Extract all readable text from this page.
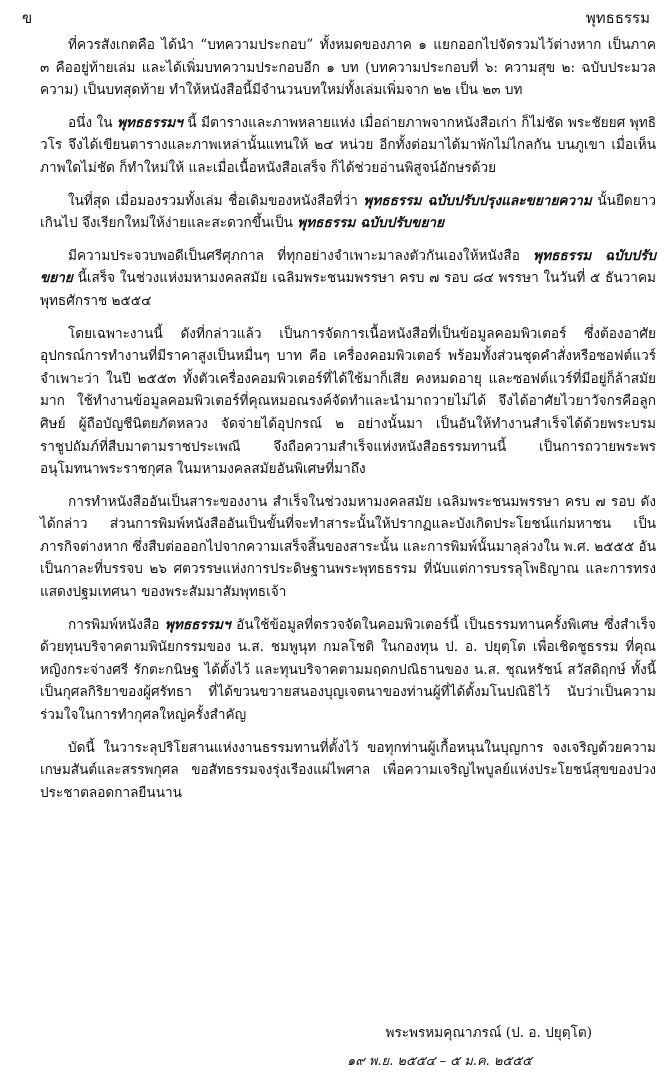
ข	พุทธธรรม

ที่ควรสังเกตคือ ได้นำ “บทความประกอบ” ทั้งหมดของภาค ๑ แยกออกไปจัดรวมไว้ต่างหาก เป็นภาค ๓ คืออยู่ท้ายเล่ม และได้เพิ่มบทความประกอบอีก ๑ บท (บทความประกอบที่ ๖: ความสุข ๒: ฉบับประมวลความ) เป็นบทสุดท้าย ทำให้หนังสือนี้มีจำนวนบทใหม่ทั้งเล่มเพิ่มจาก ๒๒ เป็น ๒๓ บท

อนึ่ง ใน พุทธธรรมฯ นี้ มีตารางและภาพหลายแห่ง เมื่อถ่ายภาพจากหนังสือเก่า ก็ไม่ชัด พระชัยยศ พุทธิวโร จึงได้เขียนตารางและภาพเหล่านั้นแทนให้ ๒๔ หน่วย อีกทั้งต่อมาได้มาพักไม่ไกลกัน บนภูเขา เมื่อเห็นภาพใดไม่ชัด ก็ทำใหม่ให้ และเมื่อเนื้อหนังสือเสร็จ ก็ได้ช่วยอ่านพิสูจน์อักษรด้วย

ในที่สุด เมื่อมองรวมทั้งเล่ม ชื่อเดิมของหนังสือที่ว่า พุทธธรรม ฉบับปรับปรุงและขยายความ นั้นยืดยาวเกินไป จึงเรียกใหม่ให้ง่ายและสะดวกขึ้นเป็น พุทธธรรม ฉบับปรับขยาย

มีความประจวบพอดีเป็นศรีศุภกาล ที่ทุกอย่างจำเพาะมาลงตัวกันเองให้หนังสือ พุทธธรรม ฉบับปรับขยาย นี้เสร็จ ในช่วงแห่งมหามงคลสมัย เฉลิมพระชนมพรรษา ครบ ๗ รอบ ๘๔ พรรษา ในวันที่ ๕ ธันวาคม พุทธศักราช ๒๕๕๔

โดยเฉพาะงานนี้ ดังที่กล่าวแล้ว เป็นการจัดการเนื้อหนังสือที่เป็นข้อมูลคอมพิวเตอร์ ซึ่งต้องอาศัยอุปกรณ์การทำงานที่มีราคาสูงเป็นหมื่นๆ บาท คือ เครื่องคอมพิวเตอร์ พร้อมทั้งส่วนชุดคำสั่งหรือซอฟต์แวร์ จำเพาะว่า ในปี ๒๕๕๓ ทั้งตัวเครื่องคอมพิวเตอร์ที่ได้ใช้มาก็เสีย คงหมดอายุ และซอฟต์แวร์ที่มีอยู่ก็ล้าสมัยมาก ใช้ทำงานข้อมูลคอมพิวเตอร์ที่คุณหมอณรงค์จัดทำและนำมาถวายไม่ได้ จึงได้อาศัยไวยาวัจกรคือลูกศิษย์ ผู้ถือบัญชีนิตยภัตหลวง จัดจ่ายได้อุปกรณ์ ๒ อย่างนั้นมา เป็นอันให้ทำงานสำเร็จได้ด้วยพระบรมราชูปถัมภ์ที่สืบมาตามราชประเพณี จึงถือความสำเร็จแห่งหนังสือธรรมทานนี้ เป็นการถวายพระพรอนุโมทนาพระราชกุศล ในมหามงคลสมัยอันพิเศษที่มาถึง

การทำหนังสืออันเป็นสาระของงาน สำเร็จในช่วงมหามงคลสมัย เฉลิมพระชนมพรรษา ครบ ๗ รอบ ดังได้กล่าว ส่วนการพิมพ์หนังสืออันเป็นขั้นที่จะทำสาระนั้นให้ปรากฏและบังเกิดประโยชน์แก่มหาชน เป็นภารกิจต่างหาก ซึ่งสืบต่อออกไปจากความเสร็จสิ้นของสาระนั้น และการพิมพ์นั้นมาลุล่วงใน พ.ศ. ๒๕๕๕ อันเป็นกาละที่บรรจบ ๒๖ ศตวรรษแห่งการประดิษฐานพระพุทธธรรม ที่นับแต่การบรรลุโพธิญาณ และการทรงแสดงปฐมเทศนา ของพระสัมมาสัมพุทธเจ้า

การพิมพ์หนังสือ พุทธธรรมฯ อันใช้ข้อมูลที่ตรวจจัดในคอมพิวเตอร์นี้ เป็นธรรมทานครั้งพิเศษ ซึ่งสำเร็จด้วยทุนบริจาคตามพินัยกรรมของ น.ส. ชมพูนุท กมลโชติ ในกองทุน ป. อ. ปยุตฺโต เพื่อเชิดชูธรรม ที่คุณหญิงกระจ่างศรี รักตะกนิษฐ ได้ตั้งไว้ และทุนบริจาคตามมฤดกปณิธานของ น.ส. ชุณหรัชน์ สวัสดิฤกษ์ ทั้งนี้ เป็นกุศลกิริยาของผู้ศรัทธา ที่ได้ขวนขวายสนองบุญเจตนาของท่านผู้ที่ได้ตั้งมโนปณิธิไว้ นับว่าเป็นความร่วมใจในการทำกุศลใหญ่ครั้งสำคัญ

บัดนี้ ในวาระลุปริโยสานแห่งงานธรรมทานที่ตั้งไว้ ขอทุกท่านผู้เกื้อหนุนในบุญการ จงเจริญด้วยความเกษมสันต์และสรรพกุศล ขอสัทธรรมจงรุ่งเรืองแผ่ไพศาล เพื่อความเจริญไพบูลย์แห่งประโยชน์สุขของปวงประชาตลอดกาลยืนนาน

พระพรหมคุณาภรณ์ (ป. อ. ปยุตฺโต)
๑๙ พ.ย. ๒๕๕๔ – ๕ ม.ค. ๒๕๕๕
